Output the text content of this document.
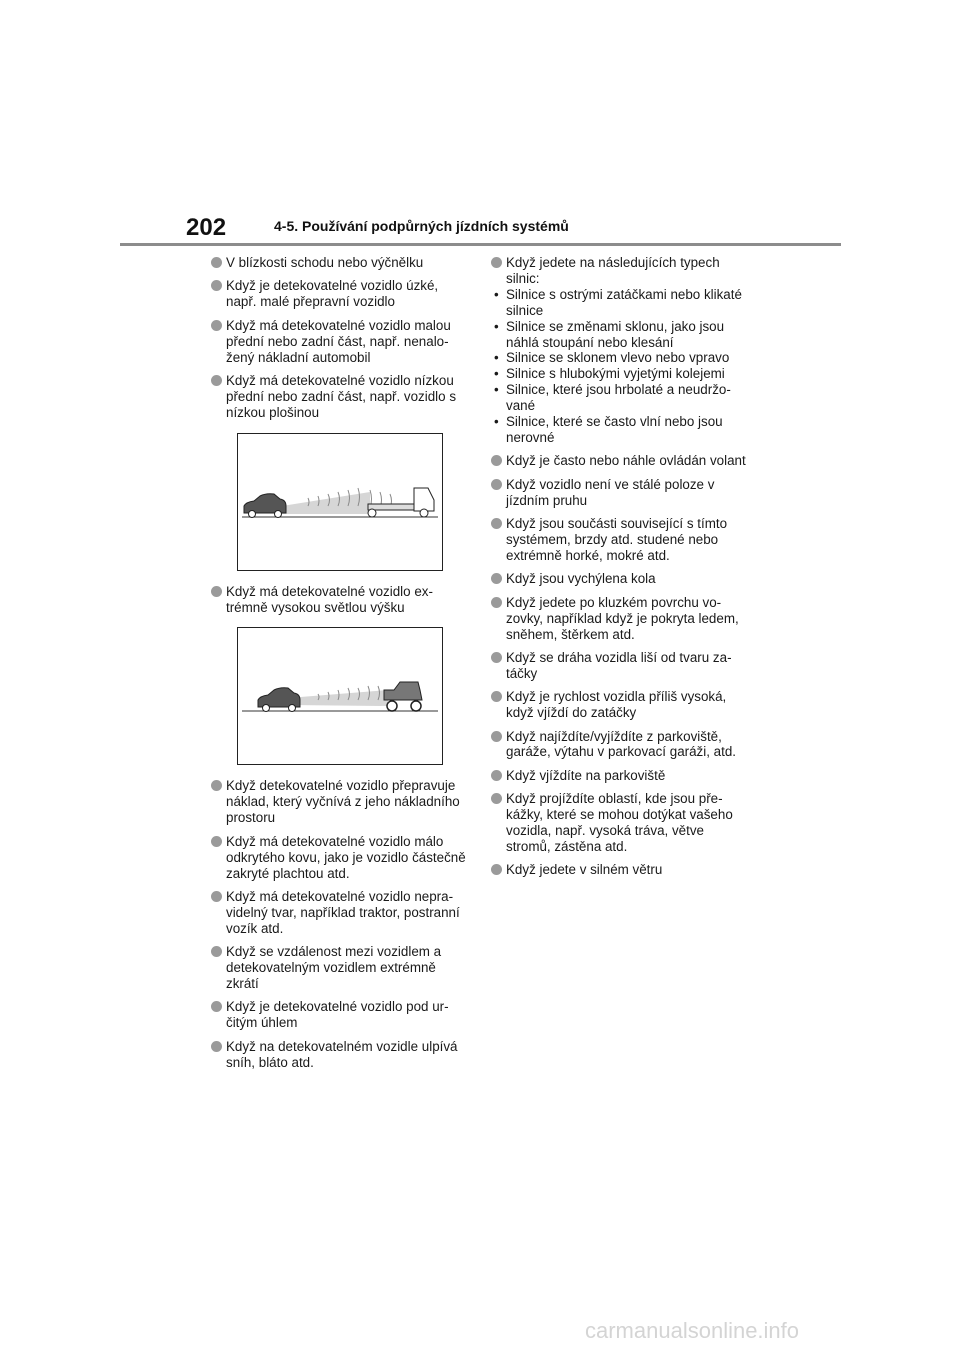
202	4-5. Používání podpůrných jízdních systémů
V blízkosti schodu nebo výčnělku
Když je detekovatelné vozidlo úzké, např. malé přepravní vozidlo
Když má detekovatelné vozidlo malou přední nebo zadní část, např. nenaložený nákladní automobil
Když má detekovatelné vozidlo nízkou přední nebo zadní část, např. vozidlo s nízkou plošinou
Když má detekovatelné vozidlo extrémně vysokou světlou výšku
Když detekovatelné vozidlo přepravuje náklad, který vyčnívá z jeho nákladního prostoru
Když má detekovatelné vozidlo málo odkrytého kovu, jako je vozidlo částečně zakryté plachtou atd.
Když má detekovatelné vozidlo nepravidelný tvar, například traktor, postranní vozík atd.
Když se vzdálenost mezi vozidlem a detekovatelným vozidlem extrémně zkrátí
Když je detekovatelné vozidlo pod určitým úhlem
Když na detekovatelném vozidle ulpívá sníh, bláto atd.
Když jedete na následujících typech silnic:
• Silnice s ostrými zatáčkami nebo klikaté silnice
• Silnice se změnami sklonu, jako jsou náhlá stoupání nebo klesání
• Silnice se sklonem vlevo nebo vpravo
• Silnice s hlubokými vyjetými kolejemi
• Silnice, které jsou hrbolaté a neudržované
• Silnice, které se často vlní nebo jsou nerovné
Když je často nebo náhle ovládán volant
Když vozidlo není ve stálé poloze v jízdním pruhu
Když jsou součásti související s tímto systémem, brzdy atd. studené nebo extrémně horké, mokré atd.
Když jsou vychýlena kola
Když jedete po kluzkém povrchu vozovky, například když je pokryta ledem, sněhem, štěrkem atd.
Když se dráha vozidla liší od tvaru zatáčky
Když je rychlost vozidla příliš vysoká, když vjíždí do zatáčky
Když najíždíte/vyjíždíte z parkoviště, garáže, výtahu v parkovací garáži, atd.
Když vjíždíte na parkoviště
Když projíždíte oblastí, kde jsou překážky, které se mohou dotýkat vašeho vozidla, např. vysoká tráva, větve stromů, zástěna atd.
Když jedete v silném větru
carmanualsonline.info
